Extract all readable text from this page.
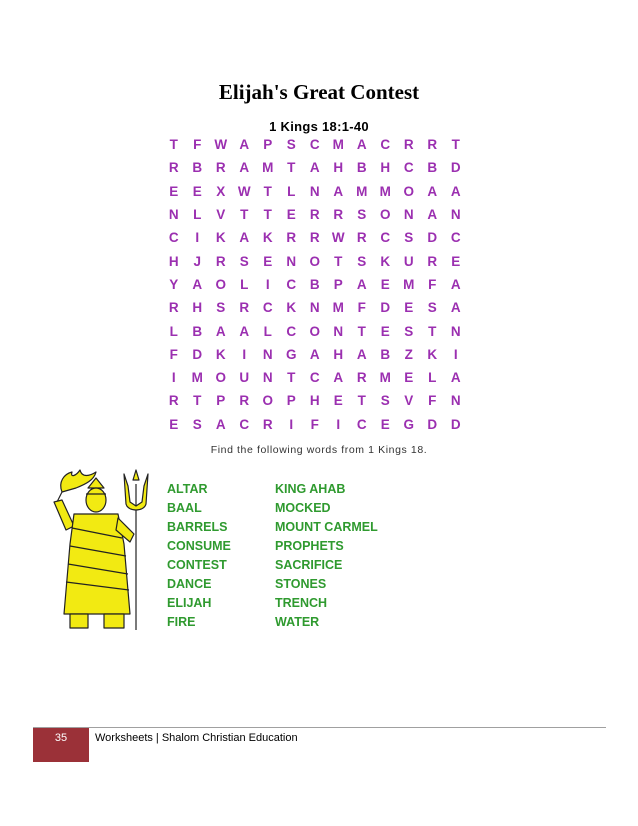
Elijah's Great Contest
1 Kings 18:1-40
T	F W A	P	S	C M A	C	R	R	T
R	B	R	A M	T	A	H	B	H	C	B	D
E	E	X W T	L	N	A M M O A	A
N	L	V	T	T	E	R	R	S	O N	A	N
C	I	K	A	K	R	R W R	C	S	D	C
H	J	R	S	E	N O	T	S	K	U	R	E
Y	A O	L	I	C	B	P	A	E M	F	A
R	H	S	R	C	K	N M	F	D	E	S	A
L	B	A	A	L	C O N	T	E	S	T	N
F	D	K	I	N G A	H	A	B	Z	K	I
I	M O U	N	T	C	A	R M E	L	A
R	T	P	R O	P	H	E	T	S	V	F	N
E	S	A	C	R	I	F	I	C	E	G D	D
Find the following words from 1 Kings 18.
ALTAR
BAAL
BARRELS
CONSUME
CONTEST
DANCE
ELIJAH
FIRE
KING AHAB
MOCKED
MOUNT CARMEL
PROPHETS
SACRIFICE
STONES
TRENCH
WATER
35	Worksheets | Shalom Christian Education
